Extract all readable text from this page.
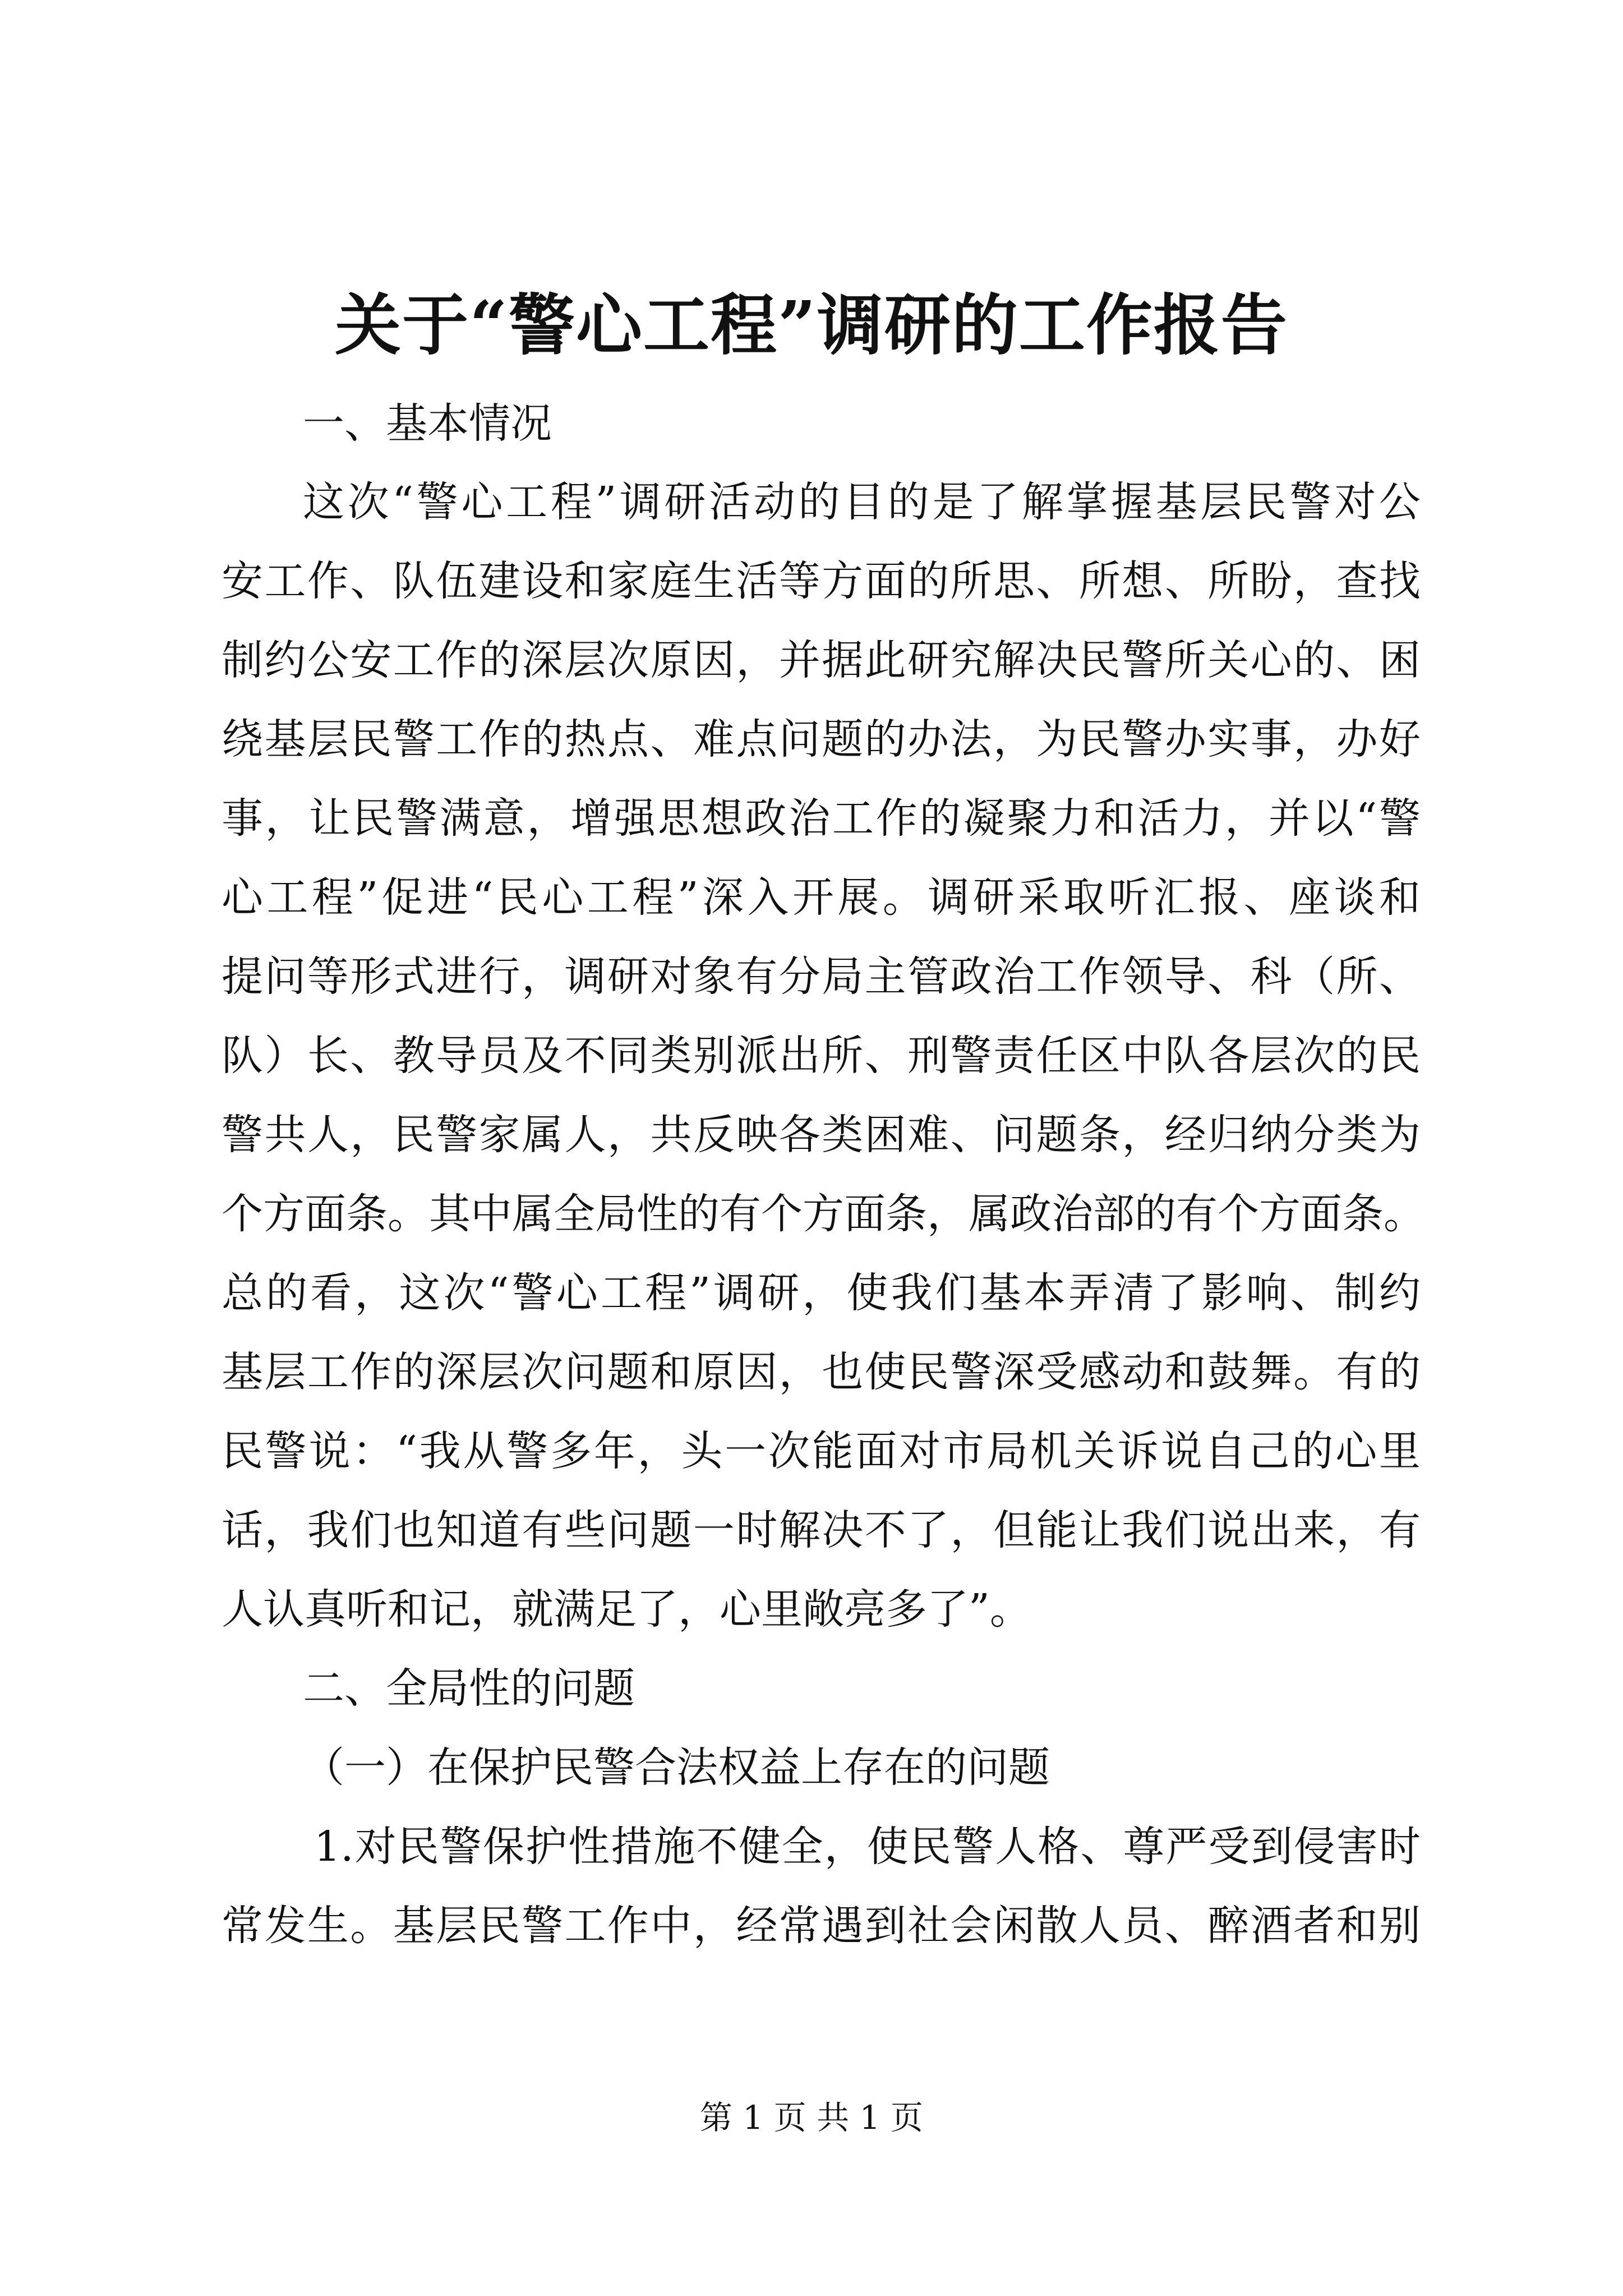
关于“警心工程”调研的工作报告
一、基本情况
这次“警心工程”调研活动的目的是了解掌握基层民警对公
安工作、队伍建设和家庭生活等方面的所思、所想、所盼，查找
制约公安工作的深层次原因，并据此研究解决民警所关心的、困
绕基层民警工作的热点、难点问题的办法，为民警办实事，办好
事，让民警满意，增强思想政治工作的凝聚力和活力，并以“警
心工程”促进“民心工程”深入开展。调研采取听汇报、座谈和
提问等形式进行，调研对象有分局主管政治工作领导、科（所、
队）长、教导员及不同类别派出所、刑警责任区中队各层次的民
警共人，民警家属人，共反映各类困难、问题条，经归纳分类为
个方面条。其中属全局性的有个方面条，属政治部的有个方面条。
总的看，这次“警心工程”调研，使我们基本弄清了影响、制约
基层工作的深层次问题和原因，也使民警深受感动和鼓舞。有的
民警说：“我从警多年，头一次能面对市局机关诉说自己的心里
话，我们也知道有些问题一时解决不了，但能让我们说出来，有
人认真听和记，就满足了，心里敞亮多了”。
二、全局性的问题
（一）在保护民警合法权益上存在的问题
1.对民警保护性措施不健全，使民警人格、尊严受到侵害时
常发生。基层民警工作中，经常遇到社会闲散人员、醉酒者和别
第 1 页 共 1 页
